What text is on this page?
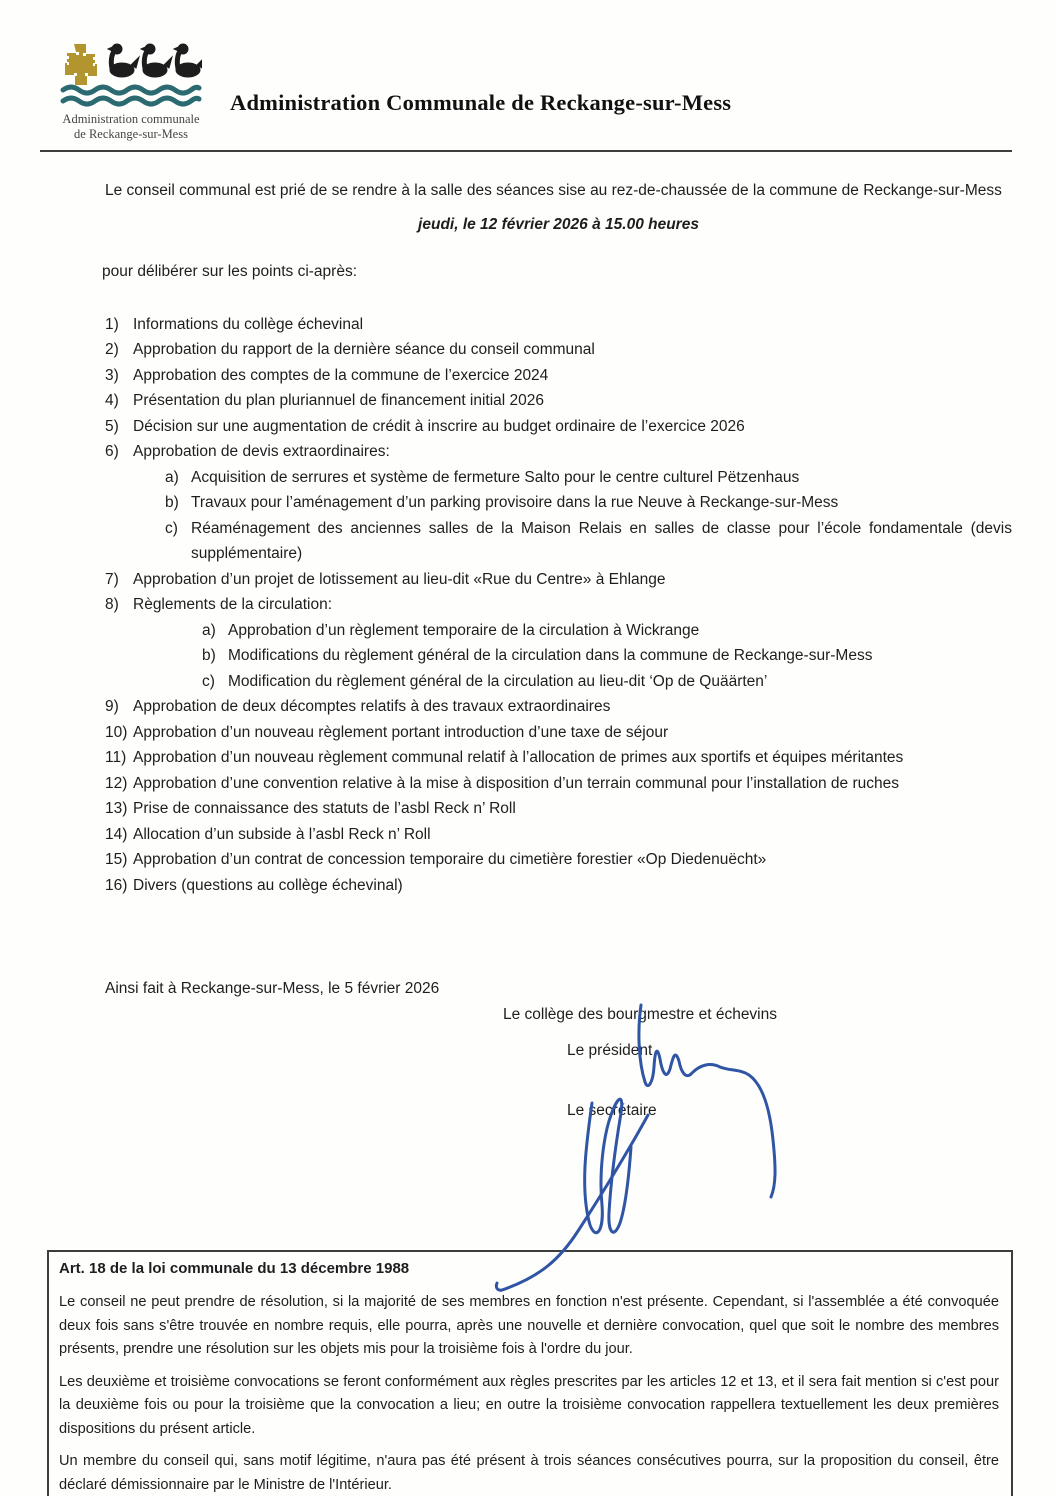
Administration communale
de Reckange-sur-Mess
Administration Communale de Reckange-sur-Mess

Le conseil communal est prié de se rendre à la salle des séances sise au rez-de-chaussée de la commune de Reckange-sur-Mess

jeudi, le 12 février 2026 à 15.00 heures

pour délibérer sur les points ci-après:

1) Informations du collège échevinal
2) Approbation du rapport de la dernière séance du conseil communal
3) Approbation des comptes de la commune de l’exercice 2024
4) Présentation du plan pluriannuel de financement initial 2026
5) Décision sur une augmentation de crédit à inscrire au budget ordinaire de l’exercice 2026
6) Approbation de devis extraordinaires:
a) Acquisition de serrures et système de fermeture Salto pour le centre culturel Pëtzenhaus
b) Travaux pour l’aménagement d’un parking provisoire dans la rue Neuve à Reckange-sur-Mess
c) Réaménagement des anciennes salles de la Maison Relais en salles de classe pour l’école fondamentale (devis supplémentaire)
7) Approbation d’un projet de lotissement au lieu-dit «Rue du Centre» à Ehlange
8) Règlements de la circulation:
a) Approbation d’un règlement temporaire de la circulation à Wickrange
b) Modifications du règlement général de la circulation dans la commune de Reckange-sur-Mess
c) Modification du règlement général de la circulation au lieu-dit ‘Op de Quäärten’
9) Approbation de deux décomptes relatifs à des travaux extraordinaires
10) Approbation d’un nouveau règlement portant introduction d’une taxe de séjour
11) Approbation d’un nouveau règlement communal relatif à l’allocation de primes aux sportifs et équipes méritantes
12) Approbation d’une convention relative à la mise à disposition d’un terrain communal pour l’installation de ruches
13) Prise de connaissance des statuts de l’asbl Reck n’ Roll
14) Allocation d’un subside à l’asbl Reck n’ Roll
15) Approbation d’un contrat de concession temporaire du cimetière forestier «Op Diedenuëcht»
16) Divers (questions au collège échevinal)
Ainsi fait à Reckange-sur-Mess, le 5 février 2026
Le collège des bourgmestre et échevins
Le président
Le secrétaire
Art. 18 de la loi communale du 13 décembre 1988

Le conseil ne peut prendre de résolution, si la majorité de ses membres en fonction n'est présente. Cependant, si l'assemblée a été convoquée deux fois sans s'être trouvée en nombre requis, elle pourra, après une nouvelle et dernière convocation, quel que soit le nombre des membres présents, prendre une résolution sur les objets mis pour la troisième fois à l'ordre du jour.

Les deuxième et troisième convocations se feront conformément aux règles prescrites par les articles 12 et 13, et il sera fait mention si c'est pour la deuxième fois ou pour la troisième que la convocation a lieu; en outre la troisième convocation rappellera textuellement les deux premières dispositions du présent article.

Un membre du conseil qui, sans motif légitime, n'aura pas été présent à trois séances consécutives pourra, sur la proposition du conseil, être déclaré démissionnaire par le Ministre de l'Intérieur.
